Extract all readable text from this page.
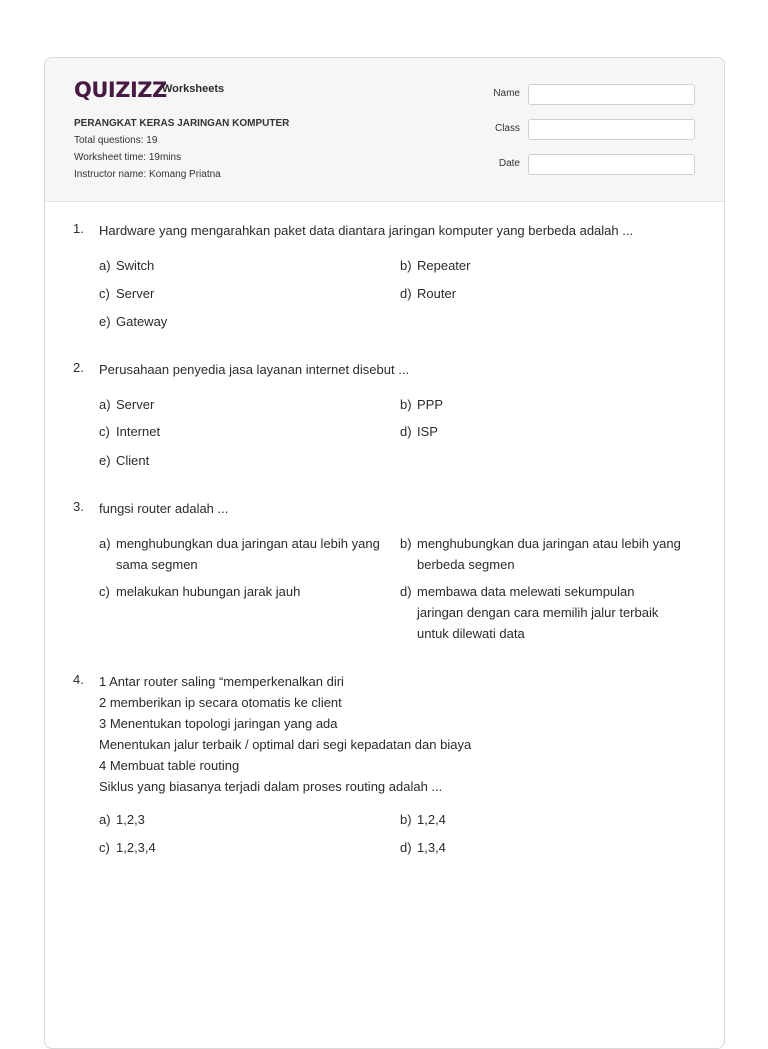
QUIZIZZ
Worksheets
PERANGKAT KERAS JARINGAN KOMPUTER
Total questions: 19
Worksheet time: 19mins
Instructor name: Komang Priatna
Name
Class
Date
1. Hardware yang mengarahkan paket data diantara jaringan komputer yang berbeda adalah ...
a) Switch	b) Repeater
c) Server	d) Router
e) Gateway
2. Perusahaan penyedia jasa layanan internet disebut ...
a) Server	b) PPP
c) Internet	d) ISP
e) Client
3. fungsi router adalah ...
a) menghubungkan dua jaringan atau lebih yang sama segmen
b) menghubungkan dua jaringan atau lebih yang berbeda segmen
c) melakukan hubungan jarak jauh	d) membawa data melewati sekumpulan jaringan dengan cara memilih jalur terbaik untuk dilewati data
4. 1 Antar router saling “memperkenalkan diri
2 memberikan ip secara otomatis ke client
3 Menentukan topologi jaringan yang ada
Menentukan jalur terbaik / optimal dari segi kepadatan dan biaya
4 Membuat table routing
Siklus yang biasanya terjadi dalam proses routing adalah ...
a) 1,2,3	b) 1,2,4
c) 1,2,3,4	d) 1,3,4
